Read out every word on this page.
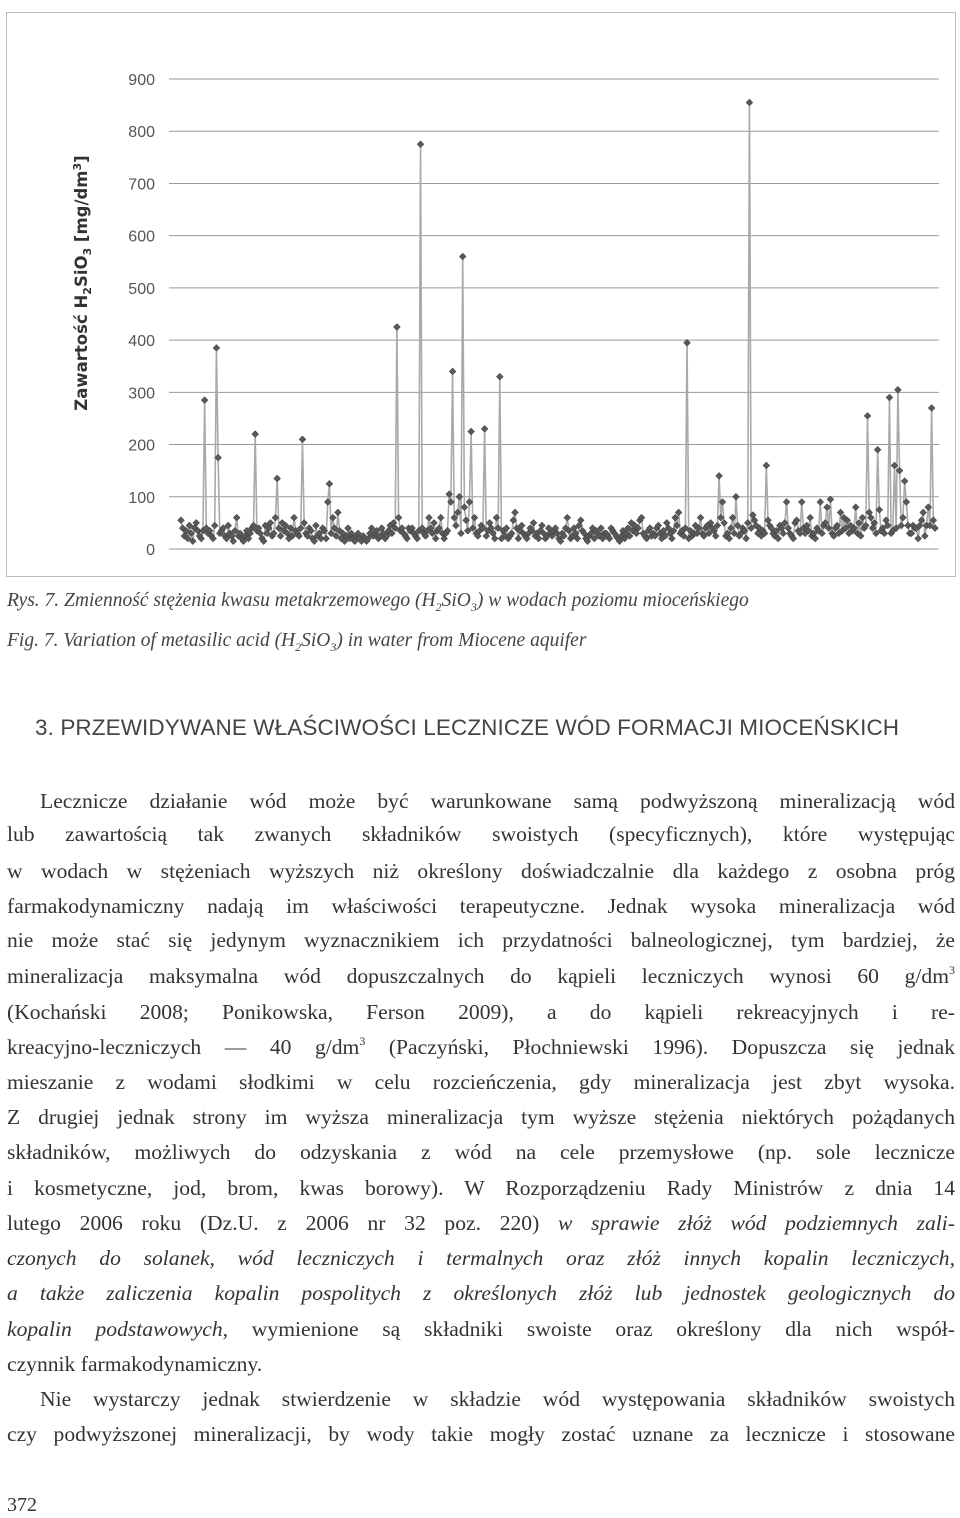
0
100
200
300
400
500
600
700
800
900
Zawartość $H_2SiO_3$ $[mg/dm^3]$
Rys. 7. Zmienność stężenia kwasu metakrzemowego $(H_2SiO_3)$ w wodach poziomu mioceńskiego
Fig. 7. Variation of metasilic acid $(H_2SiO_3)$ in water from Miocene aquifer
3. PRZEWIDYWANE WŁAŚCIWOŚCI LECZNICZE WÓD FORMACJI MIOCEŃSKICH
Lecznicze działanie wód może być warunkowane samą podwyższoną mineralizacją wód
lub zawartością tak zwanych składników swoistych (specyficznych), które występując
w wodach w stężeniach wyższych niż określony doświadczalnie dla każdego z osobna próg
farmakodynamiczny nadają im właściwości terapeutyczne. Jednak wysoka mineralizacja wód
nie może stać się jedynym wyznacznikiem ich przydatności balneologicznej, tym bardziej, że
mineralizacja maksymalna wód dopuszczalnych do kąpieli leczniczych wynosi 60 $g/dm^3$
(Kochański 2008; Ponikowska, Ferson 2009), a do kąpieli rekreacyjnych i re-
kreacyjno-leczniczych — 40 $g/dm^3$ (Paczyński, Płochniewski 1996). Dopuszcza się jednak
mieszanie z wodami słodkimi w celu rozcieńczenia, gdy mineralizacja jest zbyt wysoka.
Z drugiej jednak strony im wyższa mineralizacja tym wyższe stężenia niektórych pożądanych
składników, możliwych do odzyskania z wód na cele przemysłowe (np. sole lecznicze
i kosmetyczne, jod, brom, kwas borowy). W Rozporządzeniu Rady Ministrów z dnia 14
lutego 2006 roku (Dz.U. z 2006 nr 32 poz. 220) w sprawie złóż wód podziemnych zali-
czonych do solanek, wód leczniczych i termalnych oraz złóż innych kopalin leczniczych,
a także zaliczenia kopalin pospolitych z określonych złóż lub jednostek geologicznych do
kopalin podstawowych, wymienione są składniki swoiste oraz określony dla nich współ-
czynnik farmakodynamiczny.
Nie wystarczy jednak stwierdzenie w składzie wód występowania składników swoistych
czy podwyższonej mineralizacji, by wody takie mogły zostać uznane za lecznicze i stosowane
372
